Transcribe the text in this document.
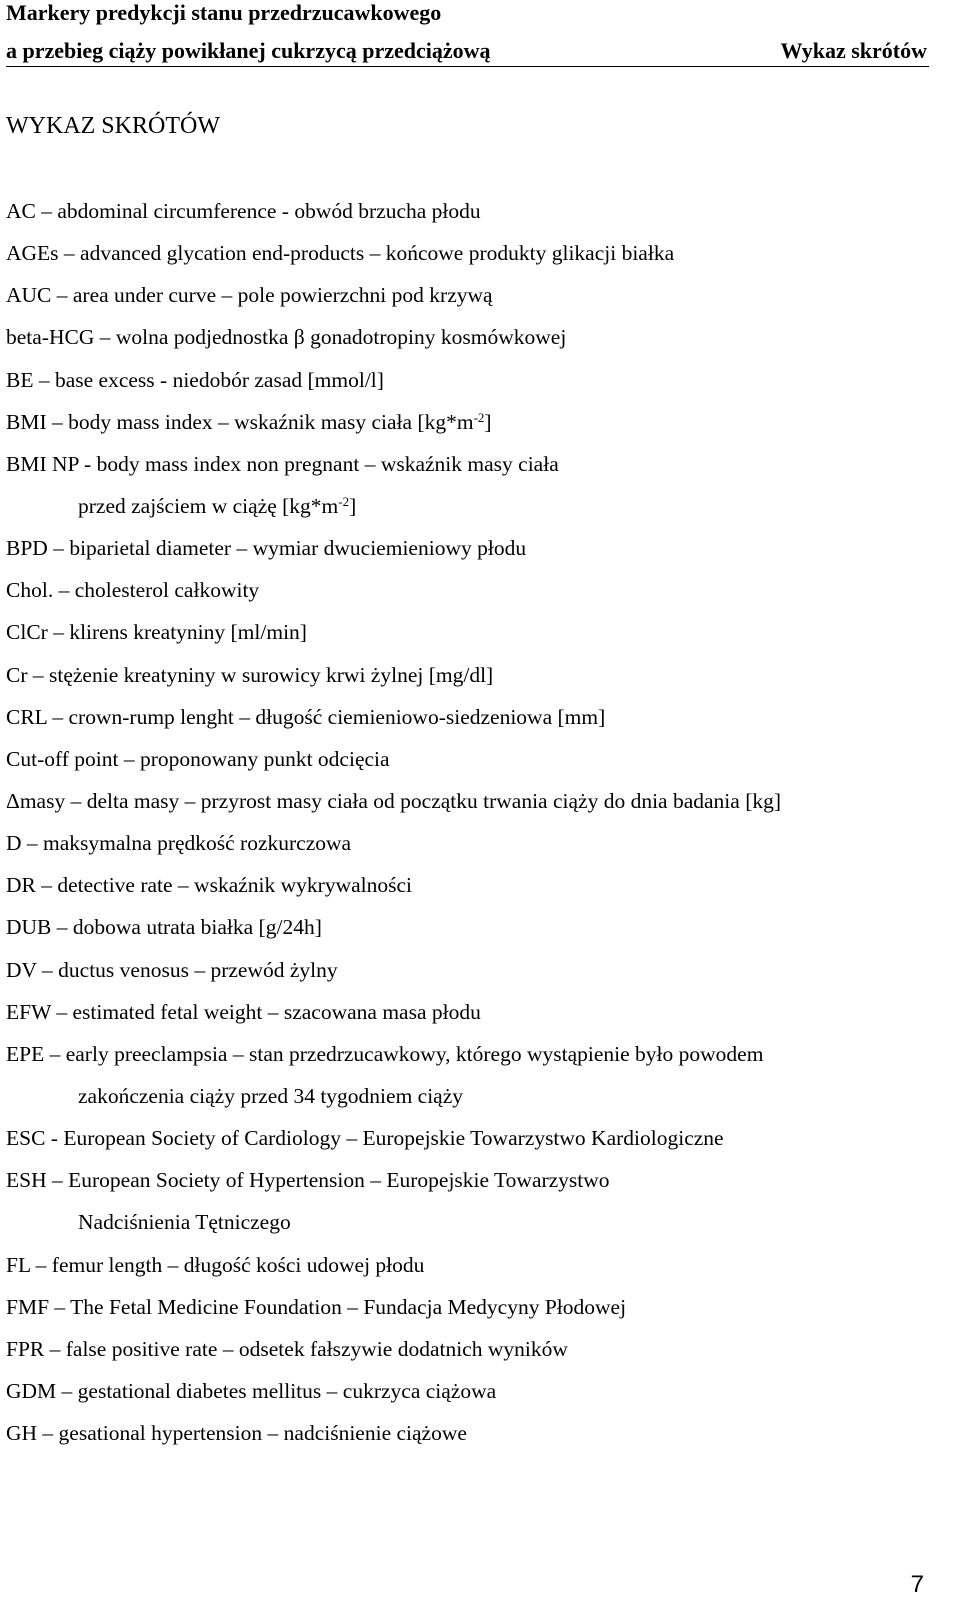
Markery predykcji stanu przedrzucawkowego
a przebieg ciąży powikłanej cukrzycą przedciążową	Wykaz skrótów
WYKAZ SKRÓTÓW
AC – abdominal circumference - obwód brzucha płodu
AGEs – advanced glycation end-products – końcowe produkty glikacji białka
AUC – area under curve – pole powierzchni pod krzywą
beta-HCG – wolna podjednostka β gonadotropiny kosmówkowej
BE – base excess - niedobór zasad [mmol/l]
BMI – body mass index – wskaźnik masy ciała $[kg*m^{-2}]$
BMI NP - body mass index non pregnant – wskaźnik masy ciała
przed zajściem w ciążę $[kg*m^{-2}]$
BPD – biparietal diameter – wymiar dwuciemieniowy płodu
Chol. – cholesterol całkowity
ClCr – klirens kreatyniny [ml/min]
Cr – stężenie kreatyniny w surowicy krwi żylnej [mg/dl]
CRL – crown-rump lenght – długość ciemieniowo-siedzeniowa [mm]
Cut-off point – proponowany punkt odcięcia
Δmasy – delta masy – przyrost masy ciała od początku trwania ciąży do dnia badania [kg]
D – maksymalna prędkość rozkurczowa
DR – detective rate – wskaźnik wykrywalności
DUB – dobowa utrata białka [g/24h]
DV – ductus venosus – przewód żylny
EFW – estimated fetal weight – szacowana masa płodu
EPE – early preeclampsia – stan przedrzucawkowy, którego wystąpienie było powodem
zakończenia ciąży przed 34 tygodniem ciąży
ESC - European Society of Cardiology – Europejskie Towarzystwo Kardiologiczne
ESH – European Society of Hypertension – Europejskie Towarzystwo
Nadciśnienia Tętniczego
FL – femur length – długość kości udowej płodu
FMF – The Fetal Medicine Foundation – Fundacja Medycyny Płodowej
FPR – false positive rate – odsetek fałszywie dodatnich wyników
GDM – gestational diabetes mellitus – cukrzyca ciążowa
GH – gesational hypertension – nadciśnienie ciążowe
7
